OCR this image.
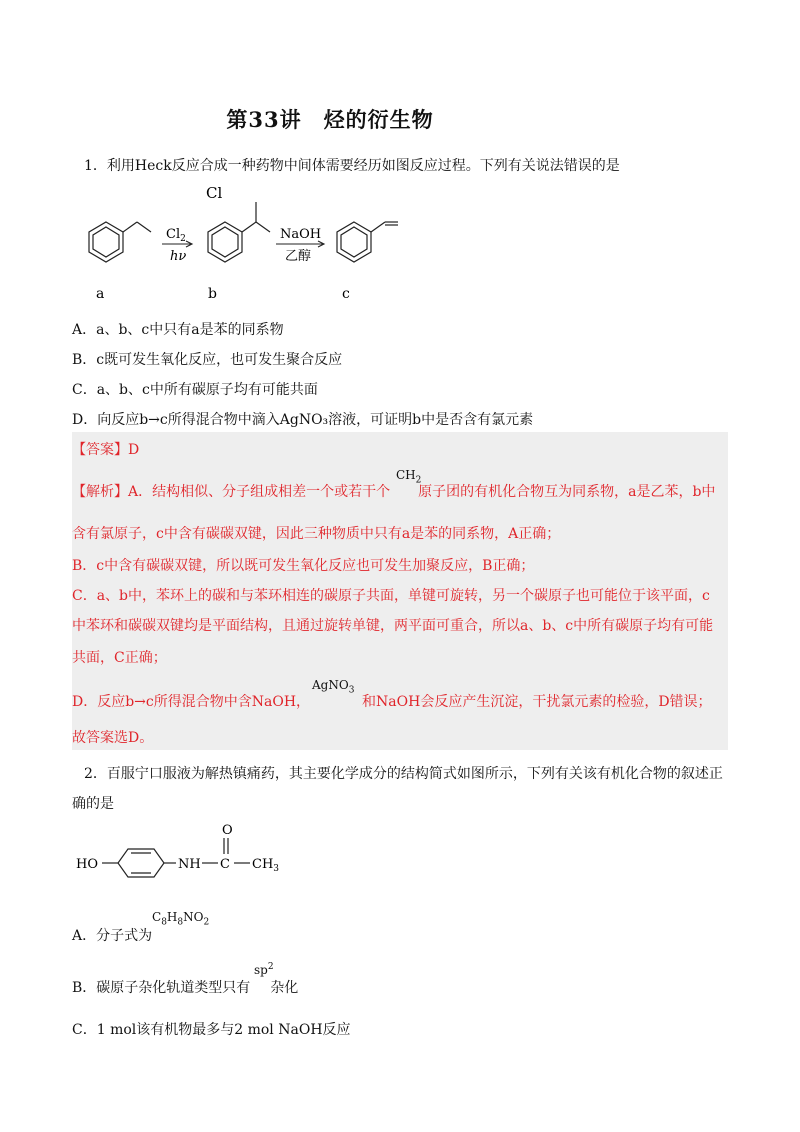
第33讲　烃的衍生物
1．利用Heck反应合成一种药物中间体需要经历如图反应过程。下列有关说法错误的是
$Cl_2$
hν
Cl
NaOH
乙醇
a	b	c
A．a、b、c中只有a是苯的同系物
B．c既可发生氧化反应，也可发生聚合反应
C．a、b、c中所有碳原子均有可能共面
D．向反应b→c所得混合物中滴入AgNO₃溶液，可证明b中是否含有氯元素
【答案】D
【解析】A．结构相似、分子组成相差一个或若干个 原子团的有机化合物互为同系物，a是乙苯，b中
$CH_2$
含有氯原子，c中含有碳碳双键，因此三种物质中只有a是苯的同系物，A正确；
B．c中含有碳碳双键，所以既可发生氧化反应也可发生加聚反应，B正确；
C．a、b中，苯环上的碳和与苯环相连的碳原子共面，单键可旋转，另一个碳原子也可能位于该平面，c
中苯环和碳碳双键均是平面结构，且通过旋转单键，两平面可重合，所以a、b、c中所有碳原子均有可能
共面，C正确；
D．反应b→c所得混合物中含NaOH，	和NaOH会反应产生沉淀，干扰氯元素的检验，D错误；
AgNO$_3$
故答案选D。
2．百服宁口服液为解热镇痛药，其主要化学成分的结构简式如图所示，下列有关该有机化合物的叙述正
确的是
HO	NH
O
C $CH_3$
A．分子式为
$C_8H_8NO_2$
B．碳原子杂化轨道类型只有 杂化
$sp^2$
C．1 mol该有机物最多与2 mol NaOH反应
